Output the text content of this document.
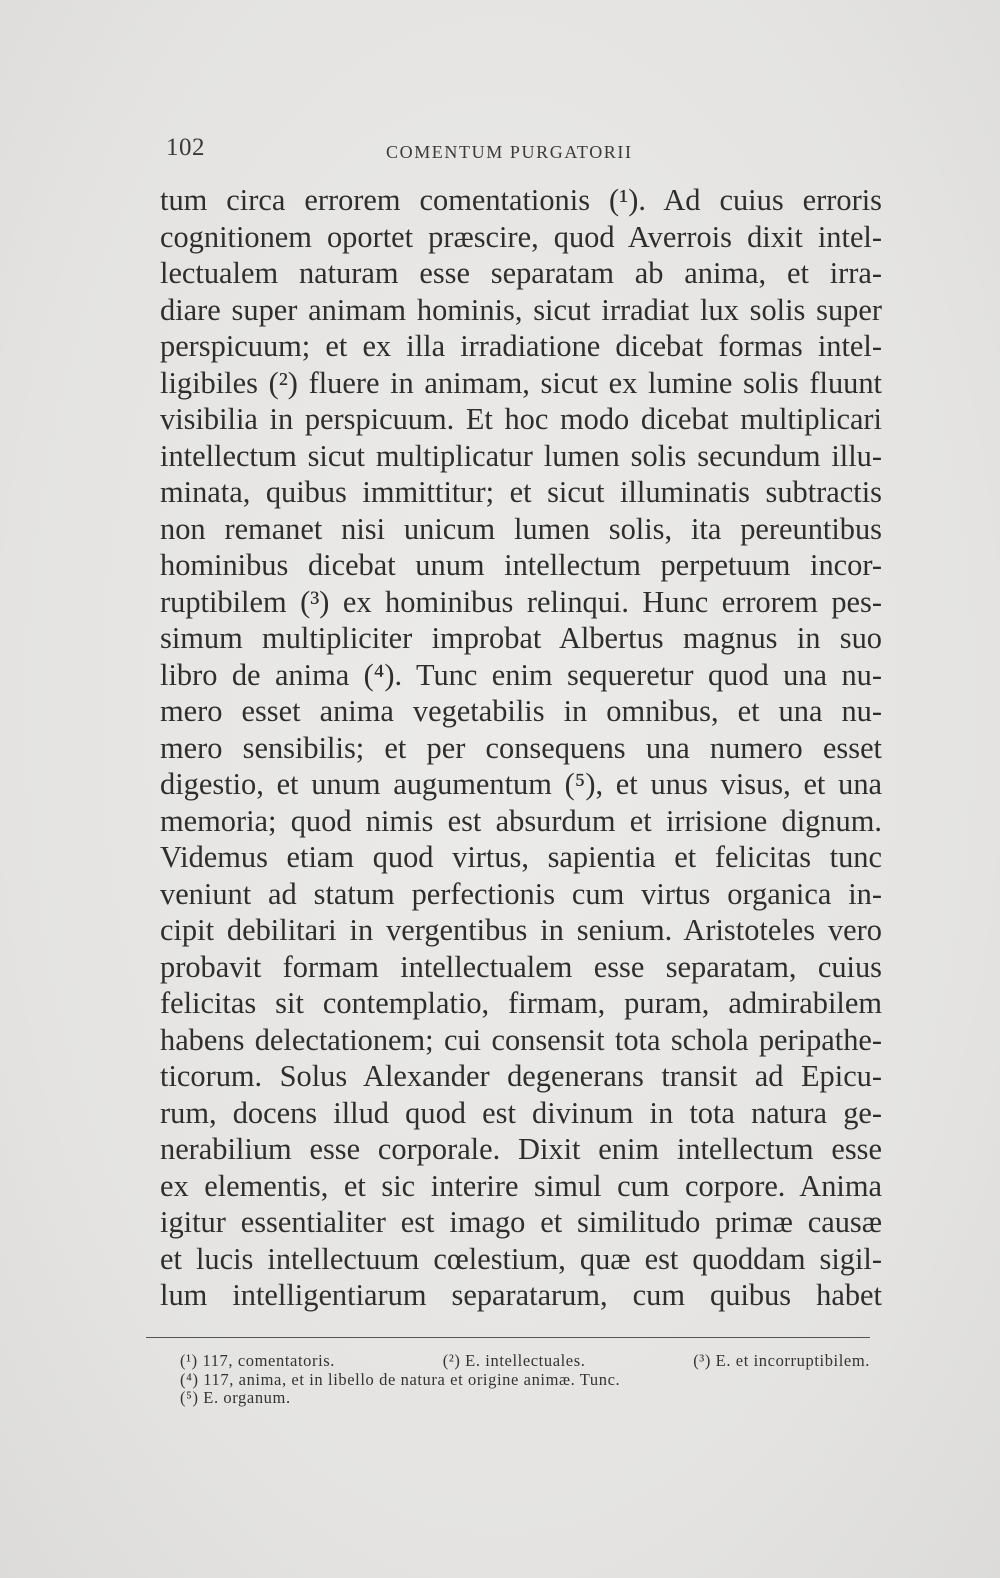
102	COMENTUM PURGATORII
tum circa errorem comentationis (¹). Ad cuius erroris
cognitionem oportet præscire, quod Averrois dixit intel-
lectualem naturam esse separatam ab anima, et irra-
diare super animam hominis, sicut irradiat lux solis super
perspicuum; et ex illa irradiatione dicebat formas intel-
ligibiles (²) fluere in animam, sicut ex lumine solis fluunt
visibilia in perspicuum. Et hoc modo dicebat multiplicari
intellectum sicut multiplicatur lumen solis secundum illu-
minata, quibus immittitur; et sicut illuminatis subtractis
non remanet nisi unicum lumen solis, ita pereuntibus
hominibus dicebat unum intellectum perpetuum incor-
ruptibilem (³) ex hominibus relinqui. Hunc errorem pes-
simum multipliciter improbat Albertus magnus in suo
libro de anima (⁴). Tunc enim sequeretur quod una nu-
mero esset anima vegetabilis in omnibus, et una nu-
mero sensibilis; et per consequens una numero esset
digestio, et unum augumentum (⁵), et unus visus, et una
memoria; quod nimis est absurdum et irrisione dignum.
Videmus etiam quod virtus, sapientia et felicitas tunc
veniunt ad statum perfectionis cum virtus organica in-
cipit debilitari in vergentibus in senium. Aristoteles vero
probavit formam intellectualem esse separatam, cuius
felicitas sit contemplatio, firmam, puram, admirabilem
habens delectationem; cui consensit tota schola peripathe-
ticorum. Solus Alexander degenerans transit ad Epicu-
rum, docens illud quod est divinum in tota natura ge-
nerabilium esse corporale. Dixit enim intellectum esse
ex elementis, et sic interire simul cum corpore. Anima
igitur essentialiter est imago et similitudo primæ causæ
et lucis intellectuum cœlestium, quæ est quoddam sigil-
lum intelligentiarum separatarum, cum quibus habet
(¹) 117, comentatoris.	(²) E. intellectuales.	(³) E. et incorruptibilem.
(⁴) 117, anima, et in libello de natura et origine animæ. Tunc.
(⁵) E. organum.
